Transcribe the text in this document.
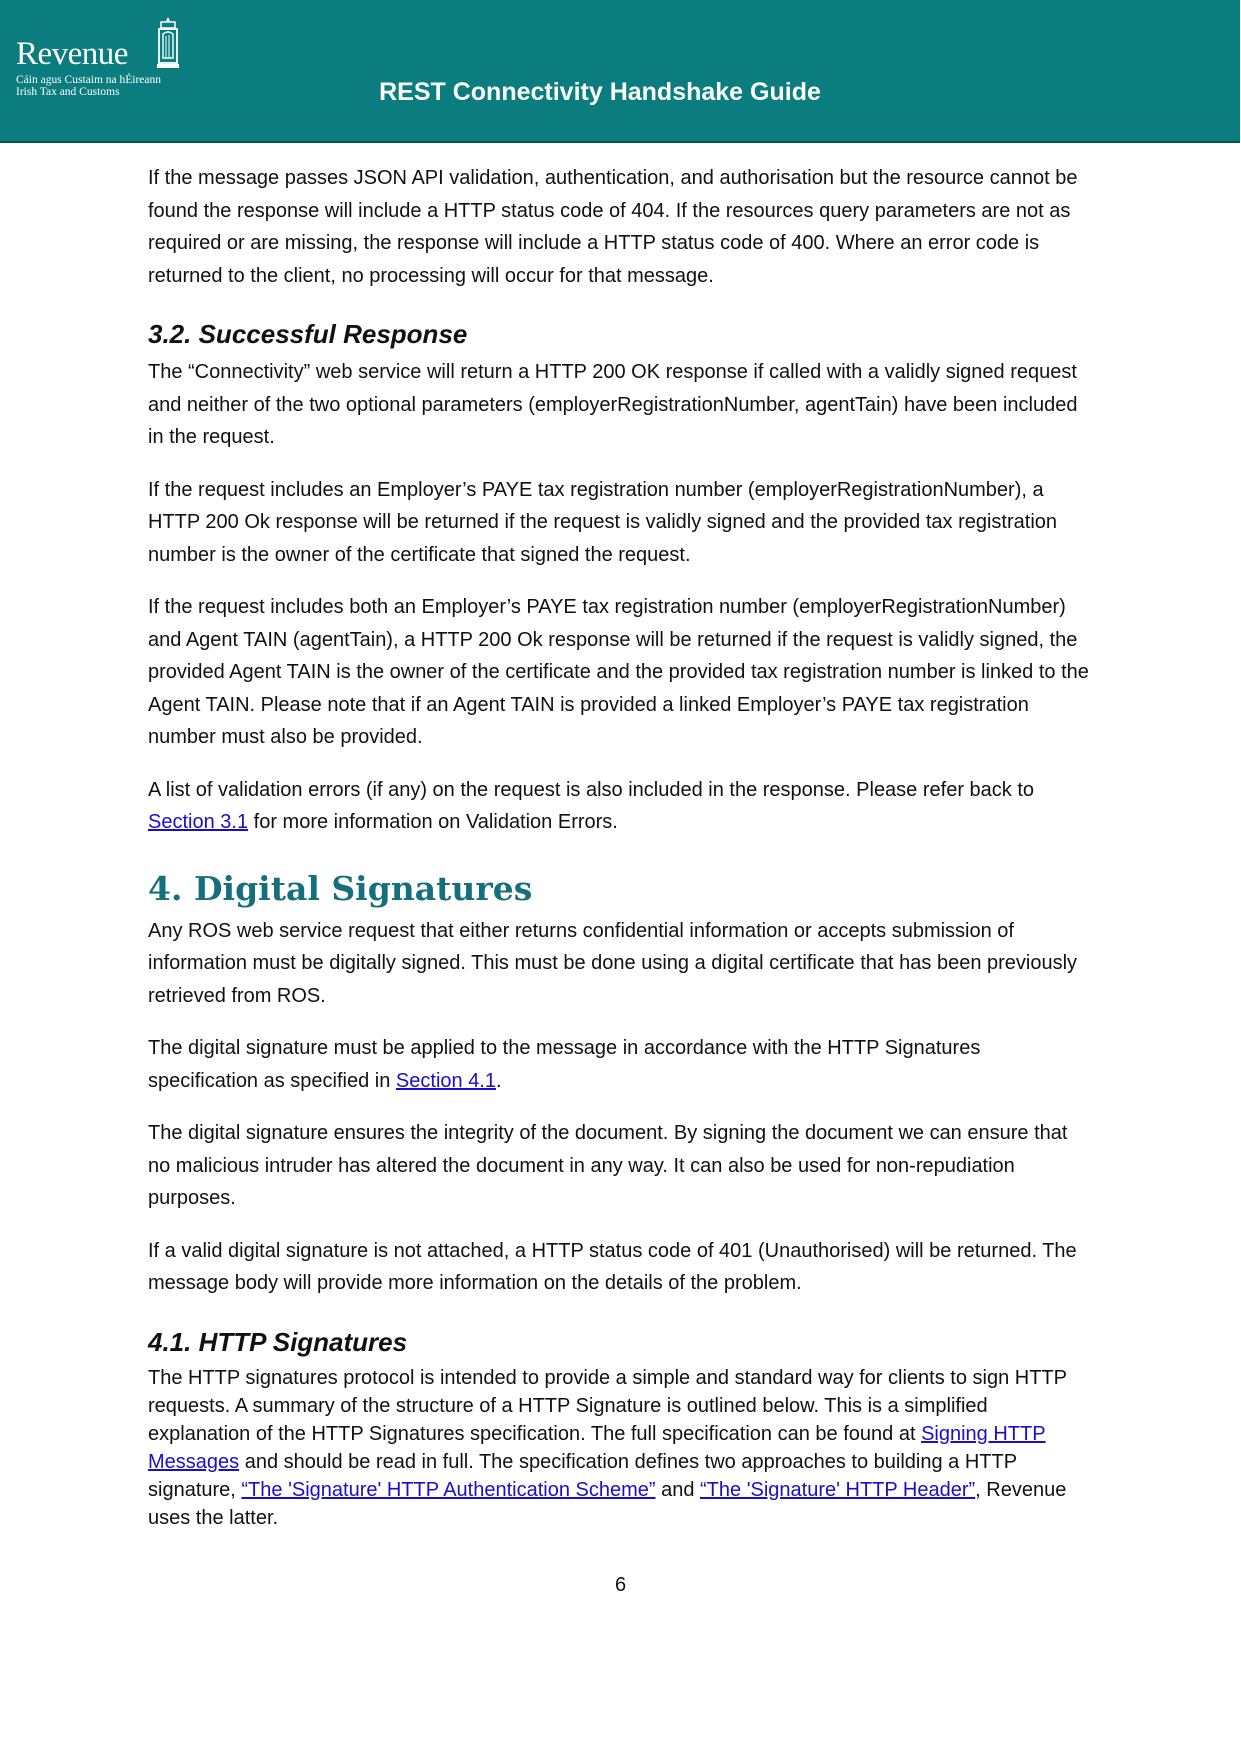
Revenue
Cáin agus Custaim na hÉireann
Irish Tax and Customs	REST Connectivity Handshake Guide

If the message passes JSON API validation, authentication, and authorisation but the resource cannot be found the response will include a HTTP status code of 404. If the resources query parameters are not as required or are missing, the response will include a HTTP status code of 400. Where an error code is returned to the client, no processing will occur for that message.

3.2. Successful Response

The “Connectivity” web service will return a HTTP 200 OK response if called with a validly signed request and neither of the two optional parameters (employerRegistrationNumber, agentTain) have been included in the request.

If the request includes an Employer’s PAYE tax registration number (employerRegistrationNumber), a HTTP 200 Ok response will be returned if the request is validly signed and the provided tax registration number is the owner of the certificate that signed the request.

If the request includes both an Employer’s PAYE tax registration number (employerRegistrationNumber) and Agent TAIN (agentTain), a HTTP 200 Ok response will be returned if the request is validly signed, the provided Agent TAIN is the owner of the certificate and the provided tax registration number is linked to the Agent TAIN. Please note that if an Agent TAIN is provided a linked Employer’s PAYE tax registration number must also be provided.

A list of validation errors (if any) on the request is also included in the response. Please refer back to Section 3.1 for more information on Validation Errors.

4. Digital Signatures

Any ROS web service request that either returns confidential information or accepts submission of information must be digitally signed. This must be done using a digital certificate that has been previously retrieved from ROS.

The digital signature must be applied to the message in accordance with the HTTP Signatures specification as specified in Section 4.1.

The digital signature ensures the integrity of the document. By signing the document we can ensure that no malicious intruder has altered the document in any way. It can also be used for non-repudiation purposes.

If a valid digital signature is not attached, a HTTP status code of 401 (Unauthorised) will be returned. The message body will provide more information on the details of the problem.

4.1. HTTP Signatures

The HTTP signatures protocol is intended to provide a simple and standard way for clients to sign HTTP requests. A summary of the structure of a HTTP Signature is outlined below. This is a simplified explanation of the HTTP Signatures specification. The full specification can be found at Signing HTTP Messages and should be read in full. The specification defines two approaches to building a HTTP signature, “The 'Signature' HTTP Authentication Scheme” and “The 'Signature' HTTP Header”, Revenue uses the latter.

6
